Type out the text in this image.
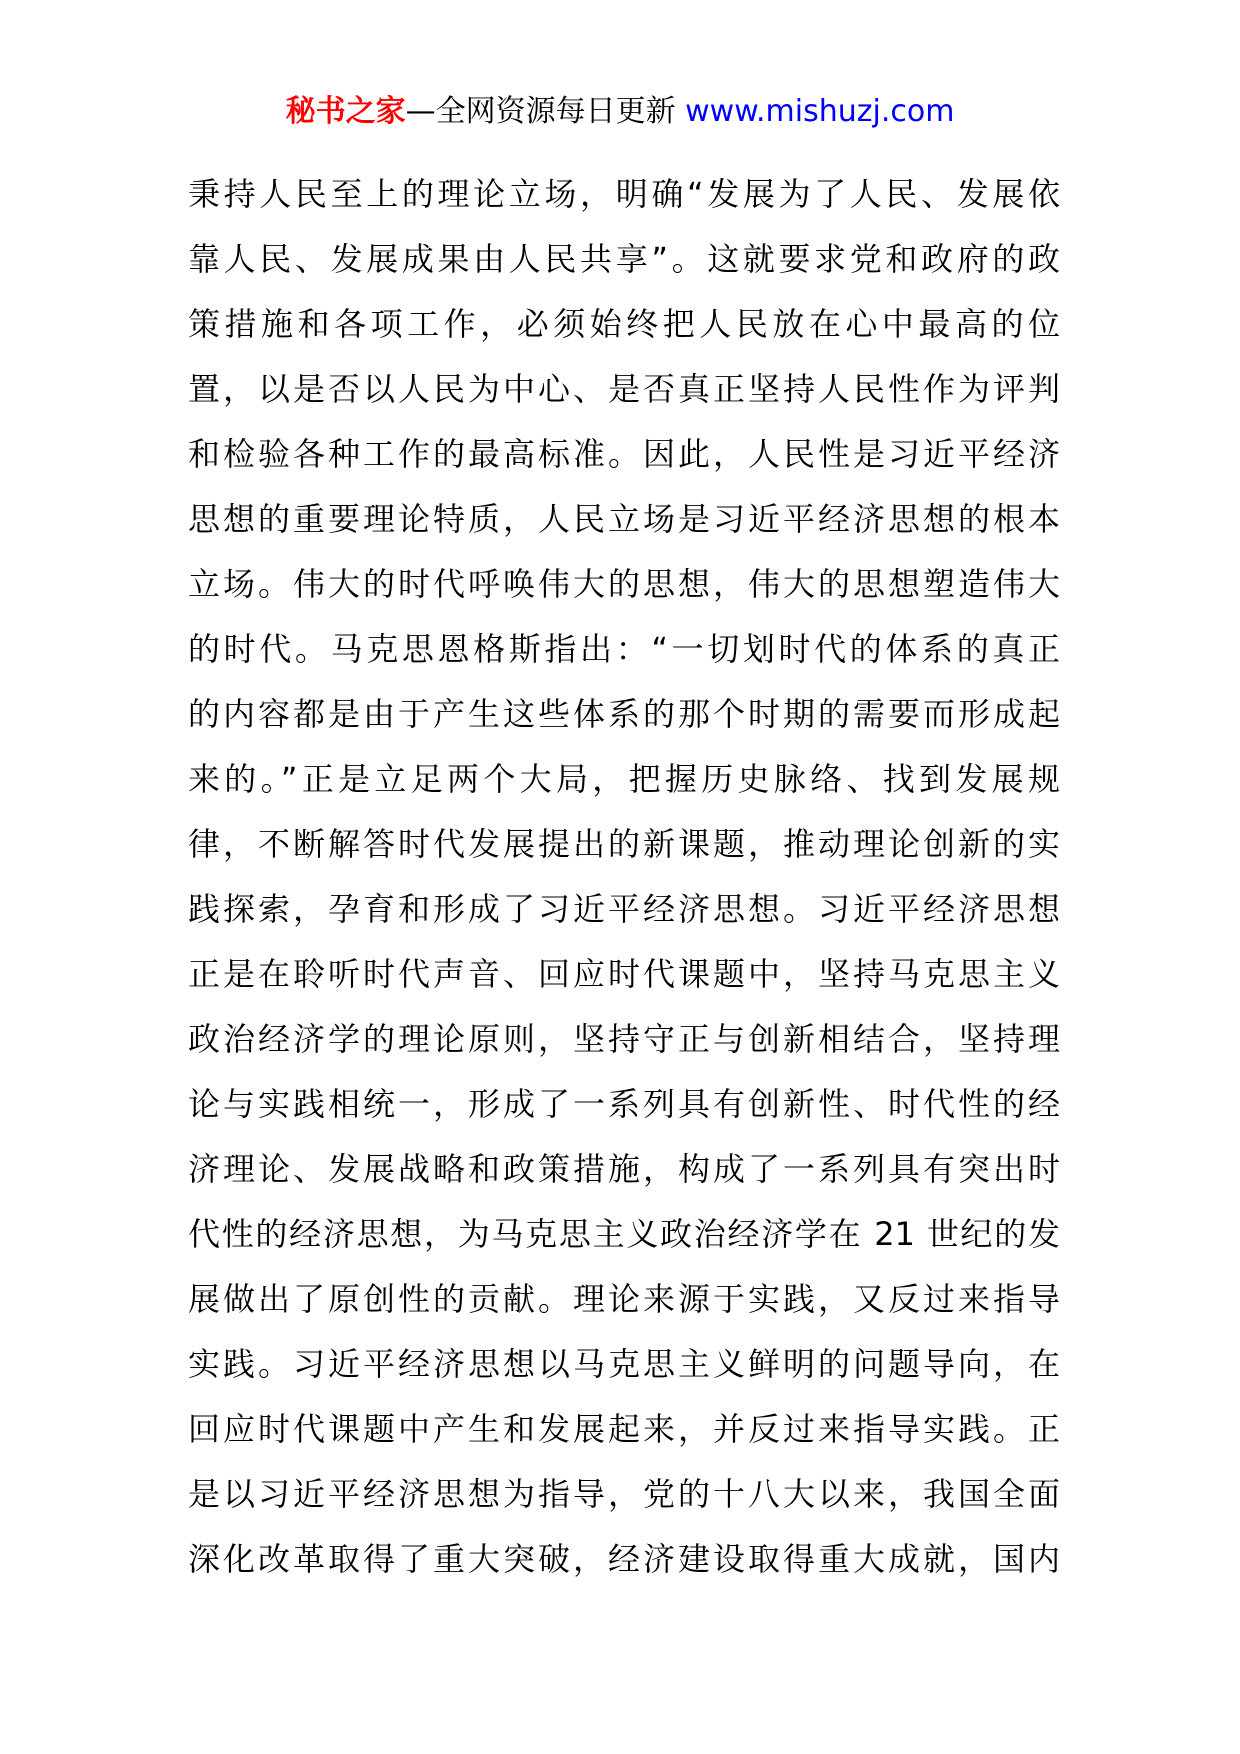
秘书之家—全网资源每日更新 www.mishuzj.com
秉持人民至上的理论立场，明确“发展为了人民、发展依
靠人民、发展成果由人民共享”。这就要求党和政府的政
策措施和各项工作，必须始终把人民放在心中最高的位
置，以是否以人民为中心、是否真正坚持人民性作为评判
和检验各种工作的最高标准。因此，人民性是习近平经济
思想的重要理论特质，人民立场是习近平经济思想的根本
立场。伟大的时代呼唤伟大的思想，伟大的思想塑造伟大
的时代。马克思恩格斯指出：“一切划时代的体系的真正
的内容都是由于产生这些体系的那个时期的需要而形成起
来的。”正是立足两个大局，把握历史脉络、找到发展规
律，不断解答时代发展提出的新课题，推动理论创新的实
践探索，孕育和形成了习近平经济思想。习近平经济思想
正是在聆听时代声音、回应时代课题中，坚持马克思主义
政治经济学的理论原则，坚持守正与创新相结合，坚持理
论与实践相统一，形成了一系列具有创新性、时代性的经
济理论、发展战略和政策措施，构成了一系列具有突出时
代性的经济思想，为马克思主义政治经济学在 21 世纪的发
展做出了原创性的贡献。理论来源于实践，又反过来指导
实践。习近平经济思想以马克思主义鲜明的问题导向，在
回应时代课题中产生和发展起来，并反过来指导实践。正
是以习近平经济思想为指导，党的十八大以来，我国全面
深化改革取得了重大突破，经济建设取得重大成就，国内
